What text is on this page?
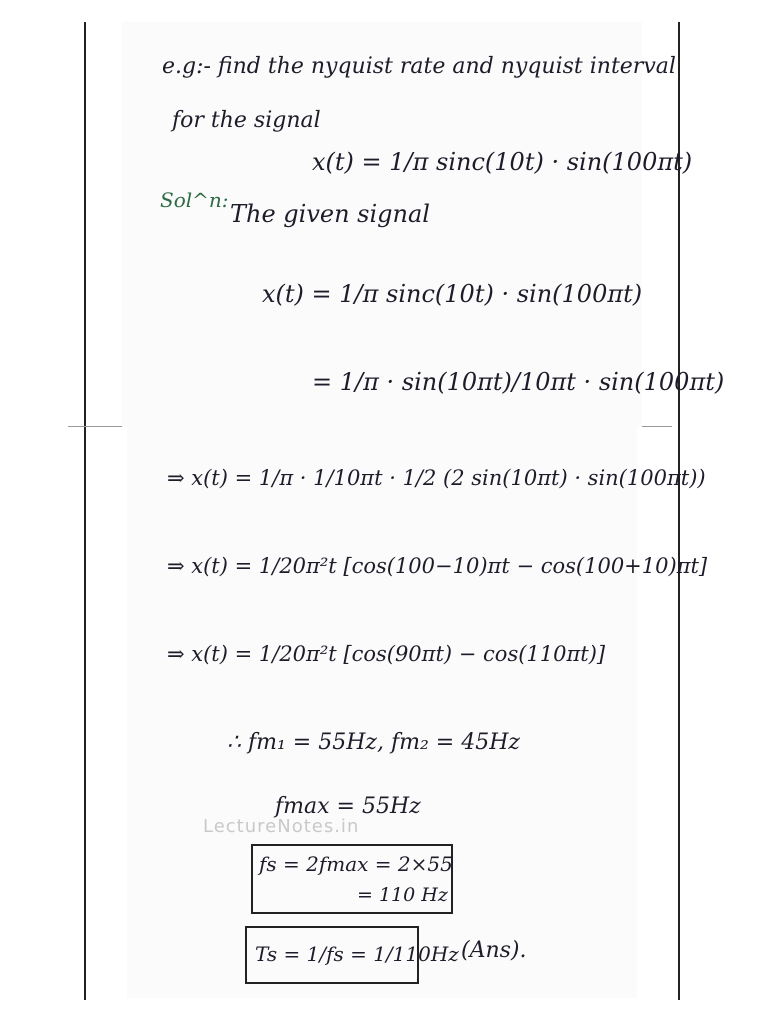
e.g:- find the nyquist rate and nyquist interval
for the signal
x(t) = 1/π sinc(10t) · sin(100πt)
Sol^n: The given signal
x(t) = 1/π sinc(10t) · sin(100πt)
= 1/π · sin(10πt)/10πt · sin(100πt)
⇒ x(t) = 1/π · 1/10πt · 1/2 (2 sin(10πt) · sin(100πt))
⇒ x(t) = 1/20π²t [cos(100−10)πt − cos(100+10)πt]
⇒ x(t) = 1/20π²t [cos(90πt) − cos(110πt)]
∴ fm₁ = 55Hz, fm₂ = 45Hz
LectureNotes.in
fmax = 55Hz
fs = 2fmax = 2×55
= 110 Hz
Ts = 1/fs = 1/110Hz (Ans).
